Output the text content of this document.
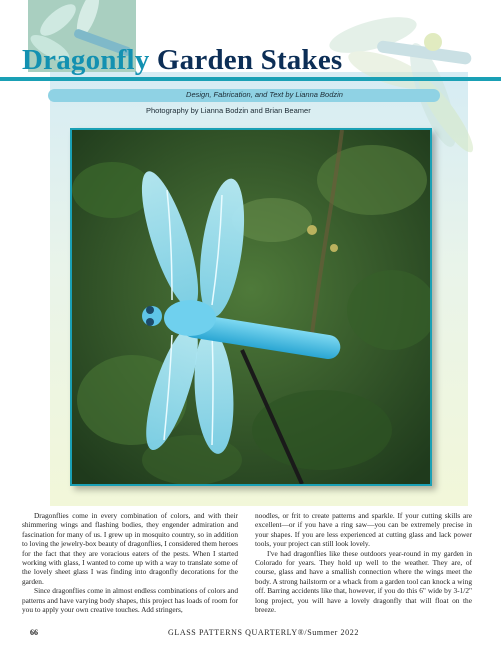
Dragonfly Garden Stakes
Design, Fabrication, and Text by Lianna Bodzin
Photography by Lianna Bodzin and Brian Beamer

Dragonflies come in every combination of colors, and with their shimmering wings and flashing bodies, they engender admiration and fascination for many of us. I grew up in mosquito country, so in addition to loving the jewelry-box beauty of dragonflies, I considered them heroes for the fact that they are voracious eaters of the pests. When I started working with glass, I wanted to come up with a way to translate some of the lovely sheet glass I was finding into dragonfly decorations for the garden.

Since dragonflies come in almost endless combinations of colors and patterns and have varying body shapes, this project has loads of room for you to apply your own creative touches. Add stringers,

noodles, or frit to create patterns and sparkle. If your cutting skills are excellent—or if you have a ring saw—you can be extremely precise in your shapes. If you are less experienced at cutting glass and lack power tools, your project can still look lovely.

I've had dragonflies like these outdoors year-round in my garden in Colorado for years. They hold up well to the weather. They are, of course, glass and have a smallish connection where the wings meet the body. A strong hailstorm or a whack from a garden tool can knock a wing off. Barring accidents like that, however, if you do this 6" wide by 3-1/2" long project, you will have a lovely dragonfly that will float on the breeze.

66	GLASS PATTERNS QUARTERLY®/Summer 2022
